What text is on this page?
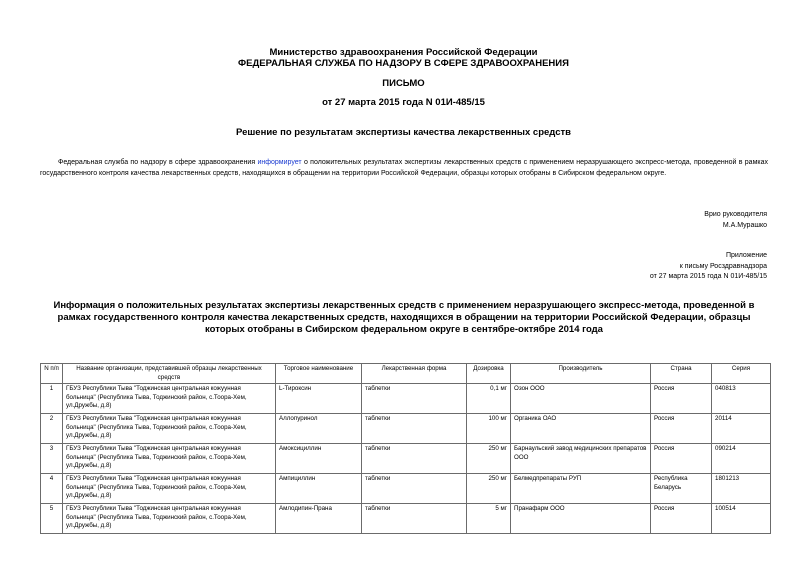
Министерство здравоохранения Российской Федерации
ФЕДЕРАЛЬНАЯ СЛУЖБА ПО НАДЗОРУ В СФЕРЕ ЗДРАВООХРАНЕНИЯ
ПИСЬМО
от 27 марта 2015 года N 01И-485/15
Решение по результатам экспертизы качества лекарственных средств
Федеральная служба по надзору в сфере здравоохранения информирует о положительных результатах экспертизы лекарственных средств с применением неразрушающего экспресс-метода, проведенной в рамках государственного контроля качества лекарственных средств, находящихся в обращении на территории Российской Федерации, образцы которых отобраны в Сибирском федеральном округе.
Врио руководителя
М.А.Мурашко
Приложение
к письму Росздравнадзора
от 27 марта 2015 года N 01И-485/15
Информация о положительных результатах экспертизы лекарственных средств с применением неразрушающего экспресс-метода, проведенной в рамках государственного контроля качества лекарственных средств, находящихся в обращении на территории Российской Федерации, образцы которых отобраны в Сибирском федеральном округе в сентябре-октябре 2014 года
N п/п	Название организации, представившей образцы лекарственных средств	Торговое наименование	Лекарственная форма	Дозировка	Производитель	Страна	Серия
1	ГБУЗ Республики Тыва "Тоджинская центральная кожуунная больница" (Республика Тыва, Тоджинский район, с.Тоора-Хем, ул.Дружбы, д.8)	L-Тироксин	таблетки	0,1 мг	Озон ООО	Россия	040813
2	ГБУЗ Республики Тыва "Тоджинская центральная кожуунная больница" (Республика Тыва, Тоджинский район, с.Тоора-Хем, ул.Дружбы, д.8)	Аллопуринол	таблетки	100 мг	Органика ОАО	Россия	20114
3	ГБУЗ Республики Тыва "Тоджинская центральная кожуунная больница" (Республика Тыва, Тоджинский район, с.Тоора-Хем, ул.Дружбы, д.8)	Амоксициллин	таблетки	250 мг	Барнаульский завод медицинских препаратов ООО	Россия	090214
4	ГБУЗ Республики Тыва "Тоджинская центральная кожуунная больница" (Республика Тыва, Тоджинский район, с.Тоора-Хем, ул.Дружбы, д.8)	Ампициллин	таблетки	250 мг	Белмедпрепараты РУП	Республика Беларусь	1801213
5	ГБУЗ Республики Тыва "Тоджинская центральная кожуунная больница" (Республика Тыва, Тоджинский район, с.Тоора-Хем, ул.Дружбы, д.8)	Амлодипин-Прана	таблетки	5 мг	Пранафарм ООО	Россия	100514
